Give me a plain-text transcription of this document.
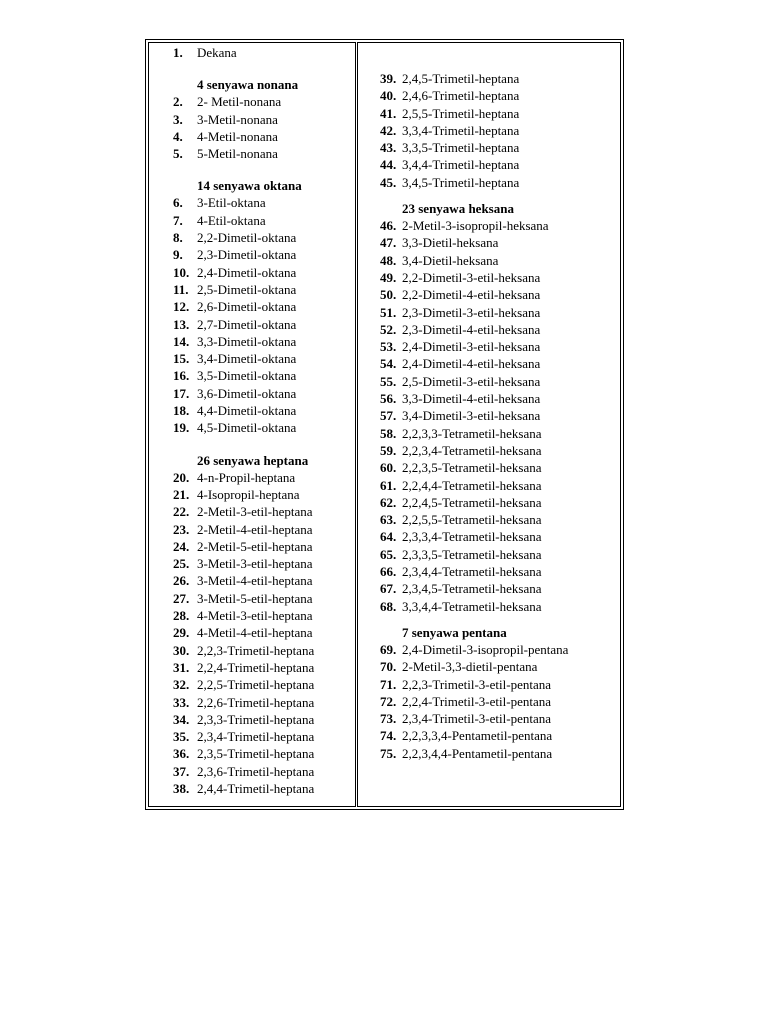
1. Dekana
4 senyawa nonana
2. 2- Metil-nonana
3. 3-Metil-nonana
4. 4-Metil-nonana
5. 5-Metil-nonana
14 senyawa oktana
6. 3-Etil-oktana
7. 4-Etil-oktana
8. 2,2-Dimetil-oktana
9. 2,3-Dimetil-oktana
10. 2,4-Dimetil-oktana
11. 2,5-Dimetil-oktana
12. 2,6-Dimetil-oktana
13. 2,7-Dimetil-oktana
14. 3,3-Dimetil-oktana
15. 3,4-Dimetil-oktana
16. 3,5-Dimetil-oktana
17. 3,6-Dimetil-oktana
18. 4,4-Dimetil-oktana
19. 4,5-Dimetil-oktana
26 senyawa heptana
20. 4-n-Propil-heptana
21. 4-Isopropil-heptana
22. 2-Metil-3-etil-heptana
23. 2-Metil-4-etil-heptana
24. 2-Metil-5-etil-heptana
25. 3-Metil-3-etil-heptana
26. 3-Metil-4-etil-heptana
27. 3-Metil-5-etil-heptana
28. 4-Metil-3-etil-heptana
29. 4-Metil-4-etil-heptana
30. 2,2,3-Trimetil-heptana
31. 2,2,4-Trimetil-heptana
32. 2,2,5-Trimetil-heptana
33. 2,2,6-Trimetil-heptana
34. 2,3,3-Trimetil-heptana
35. 2,3,4-Trimetil-heptana
36. 2,3,5-Trimetil-heptana
37. 2,3,6-Trimetil-heptana
38. 2,4,4-Trimetil-heptana
39. 2,4,5-Trimetil-heptana
40. 2,4,6-Trimetil-heptana
41. 2,5,5-Trimetil-heptana
42. 3,3,4-Trimetil-heptana
43. 3,3,5-Trimetil-heptana
44. 3,4,4-Trimetil-heptana
45. 3,4,5-Trimetil-heptana
23 senyawa heksana
46. 2-Metil-3-isopropil-heksana
47. 3,3-Dietil-heksana
48. 3,4-Dietil-heksana
49. 2,2-Dimetil-3-etil-heksana
50. 2,2-Dimetil-4-etil-heksana
51. 2,3-Dimetil-3-etil-heksana
52. 2,3-Dimetil-4-etil-heksana
53. 2,4-Dimetil-3-etil-heksana
54. 2,4-Dimetil-4-etil-heksana
55. 2,5-Dimetil-3-etil-heksana
56. 3,3-Dimetil-4-etil-heksana
57. 3,4-Dimetil-3-etil-heksana
58. 2,2,3,3-Tetrametil-heksana
59. 2,2,3,4-Tetrametil-heksana
60. 2,2,3,5-Tetrametil-heksana
61. 2,2,4,4-Tetrametil-heksana
62. 2,2,4,5-Tetrametil-heksana
63. 2,2,5,5-Tetrametil-heksana
64. 2,3,3,4-Tetrametil-heksana
65. 2,3,3,5-Tetrametil-heksana
66. 2,3,4,4-Tetrametil-heksana
67. 2,3,4,5-Tetrametil-heksana
68. 3,3,4,4-Tetrametil-heksana
7 senyawa pentana
69. 2,4-Dimetil-3-isopropil-pentana
70. 2-Metil-3,3-dietil-pentana
71. 2,2,3-Trimetil-3-etil-pentana
72. 2,2,4-Trimetil-3-etil-pentana
73. 2,3,4-Trimetil-3-etil-pentana
74. 2,2,3,3,4-Pentametil-pentana
75. 2,2,3,4,4-Pentametil-pentana
